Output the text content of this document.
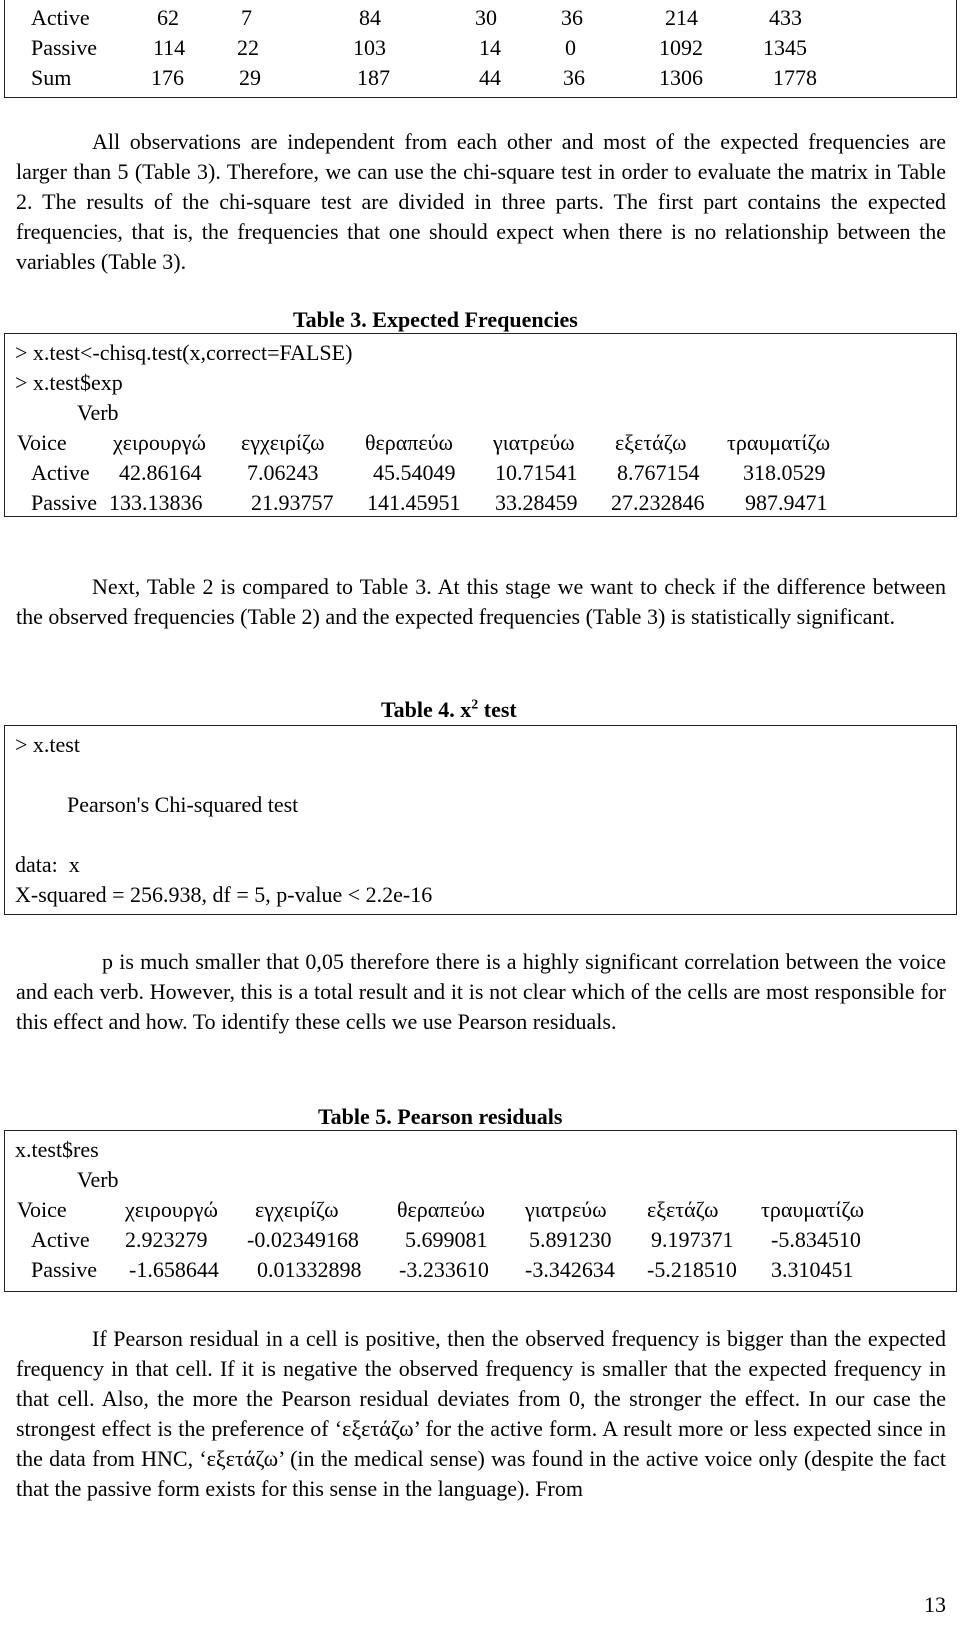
Active	62	7	84	30	36	214	433
Passive	114 22	103	14	0	1092	1345
Sum	176	29	187	44	36	1306	1778

All observations are independent from each other and most of the expected frequencies are larger than 5 (Table 3). Therefore, we can use the chi-square test in order to evaluate the matrix in Table 2. The results of the chi-square test are divided in three parts. The first part contains the expected frequencies, that is, the frequencies that one should expect when there is no relationship between the variables (Table 3).

Table 3. Expected Frequencies
> x.test<-chisq.test(x,correct=FALSE)
> x.test$exp
Verb
Voice χειρουργώ εγχειρίζω θεραπεύω γιατρεύω εξετάζω τραυματίζω
Active 42.86164 7.06243 45.54049 10.71541 8.767154 318.0529
Passive 133.13836 21.93757 141.45951 33.28459 27.232846 987.9471

Next, Table 2 is compared to Table 3. At this stage we want to check if the difference between the observed frequencies (Table 2) and the expected frequencies (Table 3) is statistically significant.

Table 4. $x^2$ test
> x.test
Pearson's Chi-squared test
data:  x
X-squared = 256.938, df = 5, p-value < 2.2e-16

p is much smaller that 0,05 therefore there is a highly significant correlation between the voice and each verb. However, this is a total result and it is not clear which of the cells are most responsible for this effect and how. To identify these cells we use Pearson residuals.

Table 5. Pearson residuals
x.test$res
Verb
Voice	χειρουργώ εγχειρίζω	θεραπεύω γιατρεύω εξετάζω τραυματίζω
Active 2.923279 -0.02349168 5.699081 5.891230 9.197371 -5.834510
Passive -1.658644 0.01332898 -3.233610 -3.342634 -5.218510 3.310451

If Pearson residual in a cell is positive, then the observed frequency is bigger than the expected frequency in that cell. If it is negative the observed frequency is smaller that the expected frequency in that cell. Also, the more the Pearson residual deviates from 0, the stronger the effect. In our case the strongest effect is the preference of ‘εξετάζω’ for the active form. A result more or less expected since in the data from HNC, ‘εξετάζω’ (in the medical sense) was found in the active voice only (despite the fact that the passive form exists for this sense in the language). From

13
